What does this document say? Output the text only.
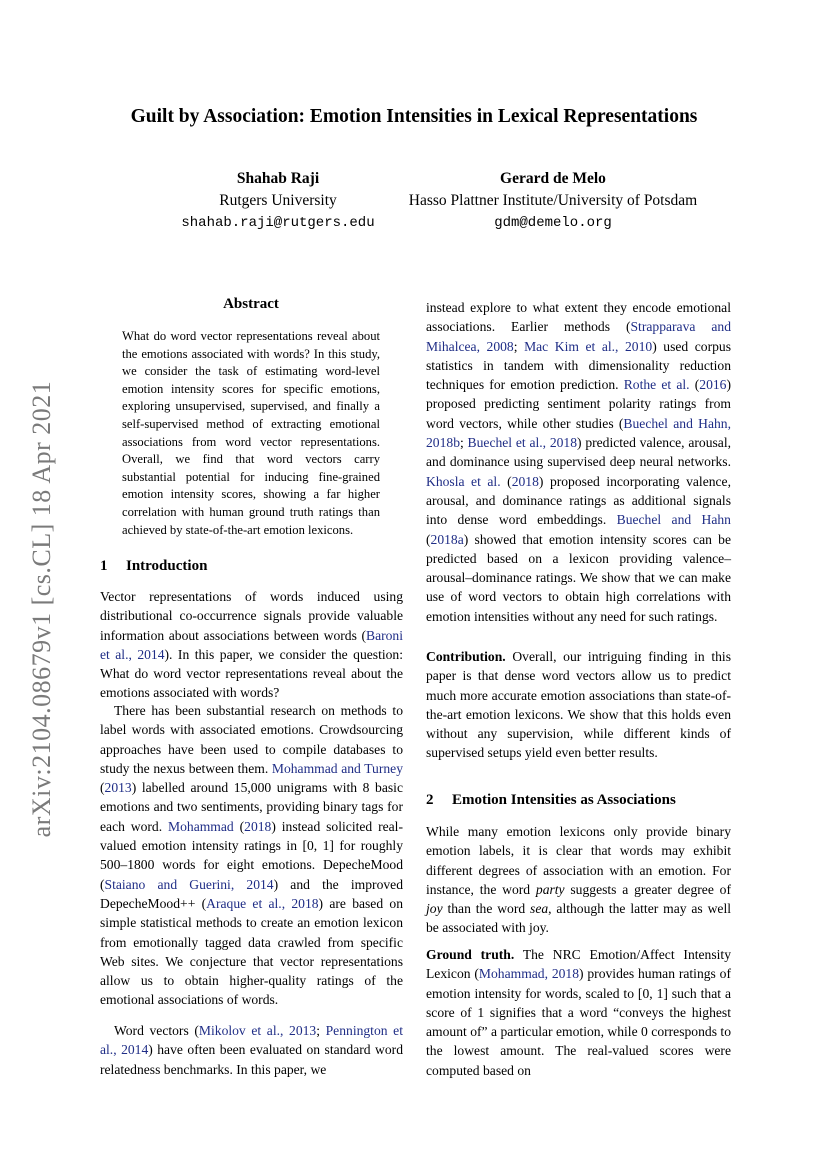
arXiv:2104.08679v1 [cs.CL] 18 Apr 2021
Guilt by Association: Emotion Intensities in Lexical Representations
Shahab Raji
Rutgers University
shahab.raji@rutgers.edu
Gerard de Melo
Hasso Plattner Institute/University of Potsdam
gdm@demelo.org
Abstract
What do word vector representations reveal about the emotions associated with words? In this study, we consider the task of estimating word-level emotion intensity scores for specific emotions, exploring unsupervised, supervised, and finally a self-supervised method of extracting emotional associations from word vector representations. Overall, we find that word vectors carry substantial potential for inducing fine-grained emotion intensity scores, showing a far higher correlation with human ground truth ratings than achieved by state-of-the-art emotion lexicons.
1 Introduction
Vector representations of words induced using distributional co-occurrence signals provide valuable information about associations between words (Baroni et al., 2014). In this paper, we consider the question: What do word vector representations reveal about the emotions associated with words?
There has been substantial research on methods to label words with associated emotions. Crowdsourcing approaches have been used to compile databases to study the nexus between them. Mohammad and Turney (2013) labelled around 15,000 unigrams with 8 basic emotions and two sentiments, providing binary tags for each word. Mohammad (2018) instead solicited real-valued emotion intensity ratings in [0, 1] for roughly 500–1800 words for eight emotions. DepecheMood (Staiano and Guerini, 2014) and the improved DepecheMood++ (Araque et al., 2018) are based on simple statistical methods to create an emotion lexicon from emotionally tagged data crawled from specific Web sites. We conjecture that vector representations allow us to obtain higher-quality ratings of the emotional associations of words.
Word vectors (Mikolov et al., 2013; Pennington et al., 2014) have often been evaluated on standard word relatedness benchmarks. In this paper, we
instead explore to what extent they encode emotional associations. Earlier methods (Strapparava and Mihalcea, 2008; Mac Kim et al., 2010) used corpus statistics in tandem with dimensionality reduction techniques for emotion prediction. Rothe et al. (2016) proposed predicting sentiment polarity ratings from word vectors, while other studies (Buechel and Hahn, 2018b; Buechel et al., 2018) predicted valence, arousal, and dominance using supervised deep neural networks. Khosla et al. (2018) proposed incorporating valence, arousal, and dominance ratings as additional signals into dense word embeddings. Buechel and Hahn (2018a) showed that emotion intensity scores can be predicted based on a lexicon providing valence–arousal–dominance ratings. We show that we can make use of word vectors to obtain high correlations with emotion intensities without any need for such ratings.
Contribution. Overall, our intriguing finding in this paper is that dense word vectors allow us to predict much more accurate emotion associations than state-of-the-art emotion lexicons. We show that this holds even without any supervision, while different kinds of supervised setups yield even better results.
2 Emotion Intensities as Associations
While many emotion lexicons only provide binary emotion labels, it is clear that words may exhibit different degrees of association with an emotion. For instance, the word party suggests a greater degree of joy than the word sea, although the latter may as well be associated with joy.
Ground truth. The NRC Emotion/Affect Intensity Lexicon (Mohammad, 2018) provides human ratings of emotion intensity for words, scaled to [0, 1] such that a score of 1 signifies that a word “conveys the highest amount of” a particular emotion, while 0 corresponds to the lowest amount. The real-valued scores were computed based on
